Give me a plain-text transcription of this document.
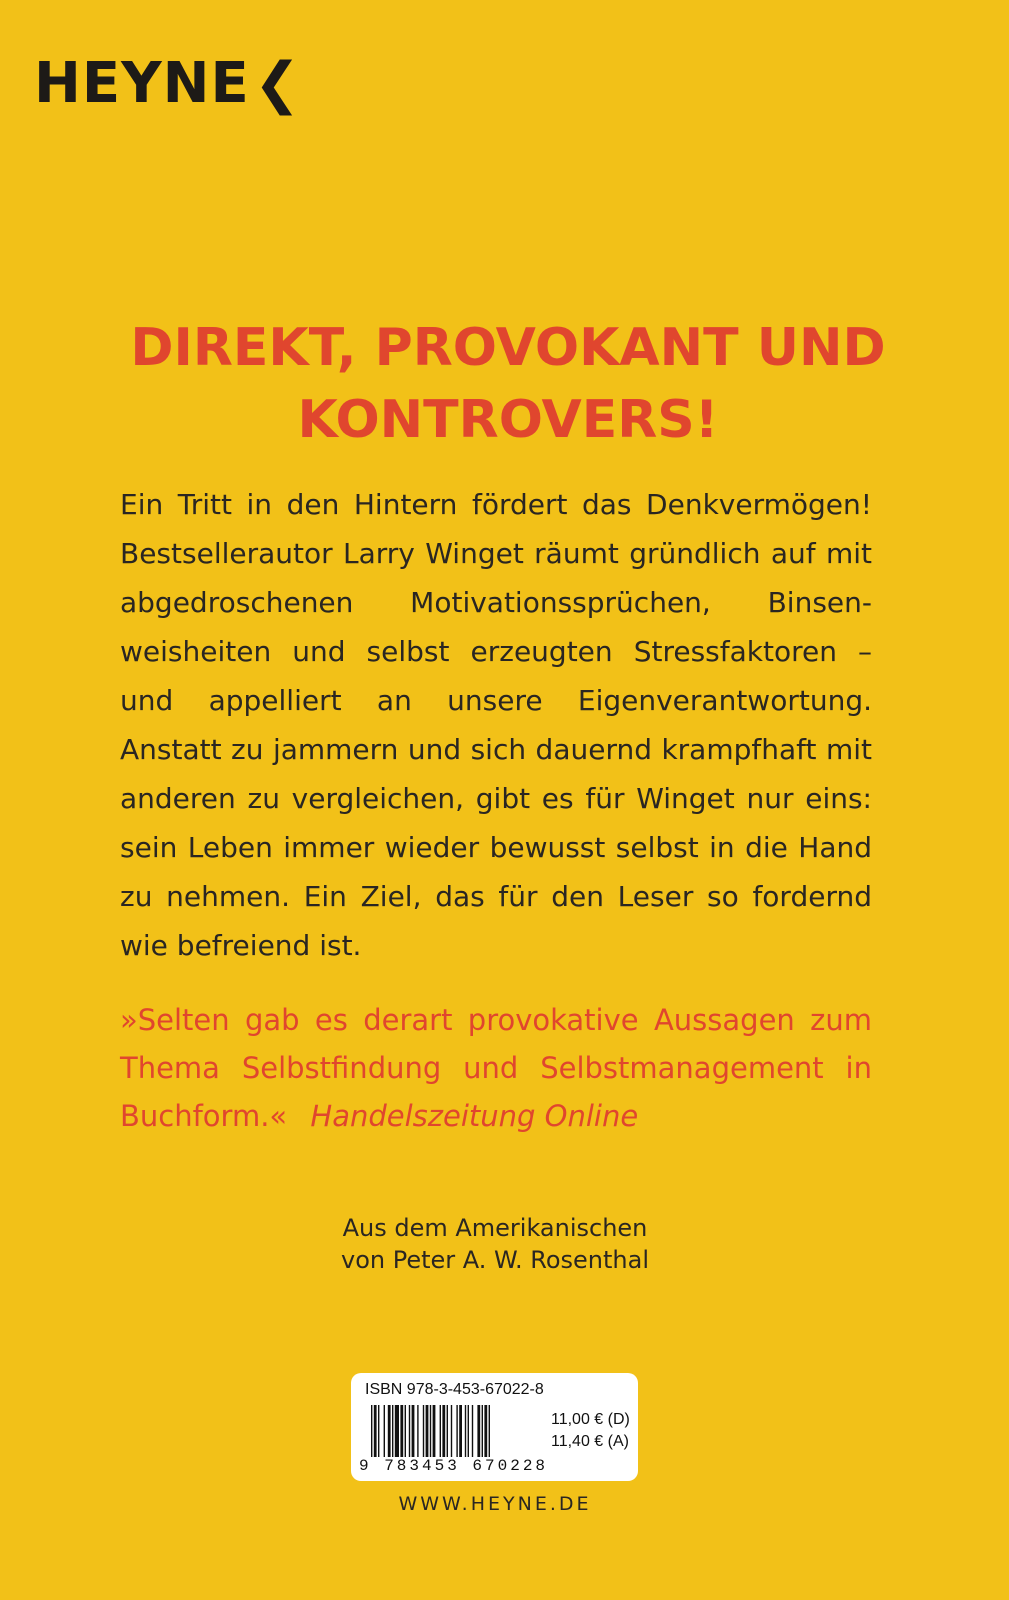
HEYNE❮
DIREKT, PROVOKANT UND
KONTROVERS!

Ein Tritt in den Hintern fördert das Denkvermögen! Bestsellerautor Larry Winget räumt gründlich auf mit abgedroschenen Motivationssprüchen, Binsenweisheiten und selbst erzeugten Stressfaktoren – und appelliert an unsere Eigenverantwortung. Anstatt zu jammern und sich dauernd krampfhaft mit anderen zu vergleichen, gibt es für Winget nur eins: sein Leben immer wieder bewusst selbst in die Hand zu nehmen. Ein Ziel, das für den Leser so fordernd wie befreiend ist.

»Selten gab es derart provokative Aussagen zum Thema Selbstfindung und Selbstmanagement in Buchform.« Handelszeitung Online

Aus dem Amerikanischen
von Peter A. W. Rosenthal
ISBN 978-3-453-67022-8
9 783453 670228
11,00 € (D)
11,40 € (A)
WWW.HEYNE.DE
